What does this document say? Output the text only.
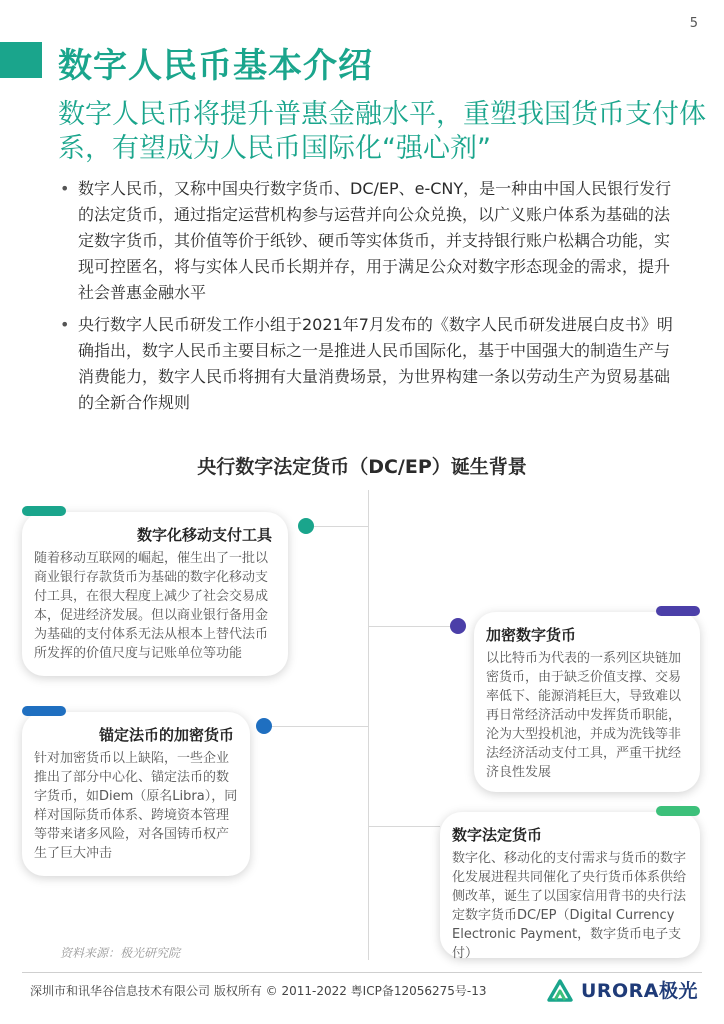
5
数字人民币基本介绍
数字人民币将提升普惠金融水平，重塑我国货币支付体系，有望成为人民币国际化“强心剂”
• 数字人民币，又称中国央行数字货币、DC/EP、e-CNY，是一种由中国人民银行发行的法定货币，通过指定运营机构参与运营并向公众兑换，以广义账户体系为基础的法定数字货币，其价值等价于纸钞、硬币等实体货币，并支持银行账户松耦合功能，实现可控匿名，将与实体人民币长期并存，用于满足公众对数字形态现金的需求，提升社会普惠金融水平
• 央行数字人民币研发工作小组于2021年7月发布的《数字人民币研发进展白皮书》明确指出，数字人民币主要目标之一是推进人民币国际化，基于中国强大的制造生产与消费能力，数字人民币将拥有大量消费场景，为世界构建一条以劳动生产为贸易基础的全新合作规则
央行数字法定货币（DC/EP）诞生背景
数字化移动支付工具
随着移动互联网的崛起，催生出了一批以商业银行存款货币为基础的数字化移动支付工具，在很大程度上减少了社会交易成本，促进经济发展。但以商业银行备用金为基础的支付体系无法从根本上替代法币所发挥的价值尺度与记账单位等功能
加密数字货币
以比特币为代表的一系列区块链加密货币，由于缺乏价值支撑、交易率低下、能源消耗巨大，导致难以再日常经济活动中发挥货币职能，沦为大型投机池，并成为洗钱等非法经济活动支付工具，严重干扰经济良性发展
锚定法币的加密货币
针对加密货币以上缺陷，一些企业推出了部分中心化、锚定法币的数字货币，如Diem（原名Libra），同样对国际货币体系、跨境资本管理等带来诸多风险，对各国铸币权产生了巨大冲击
数字法定货币
数字化、移动化的支付需求与货币的数字化发展进程共同催化了央行货币体系供给侧改革，诞生了以国家信用背书的央行法定数字货币DC/EP（Digital Currency Electronic Payment，数字货币电子支付）
资料来源：极光研究院
深圳市和讯华谷信息技术有限公司 版权所有 © 2011-2022 粤ICP备12056275号-13	URORA极光
